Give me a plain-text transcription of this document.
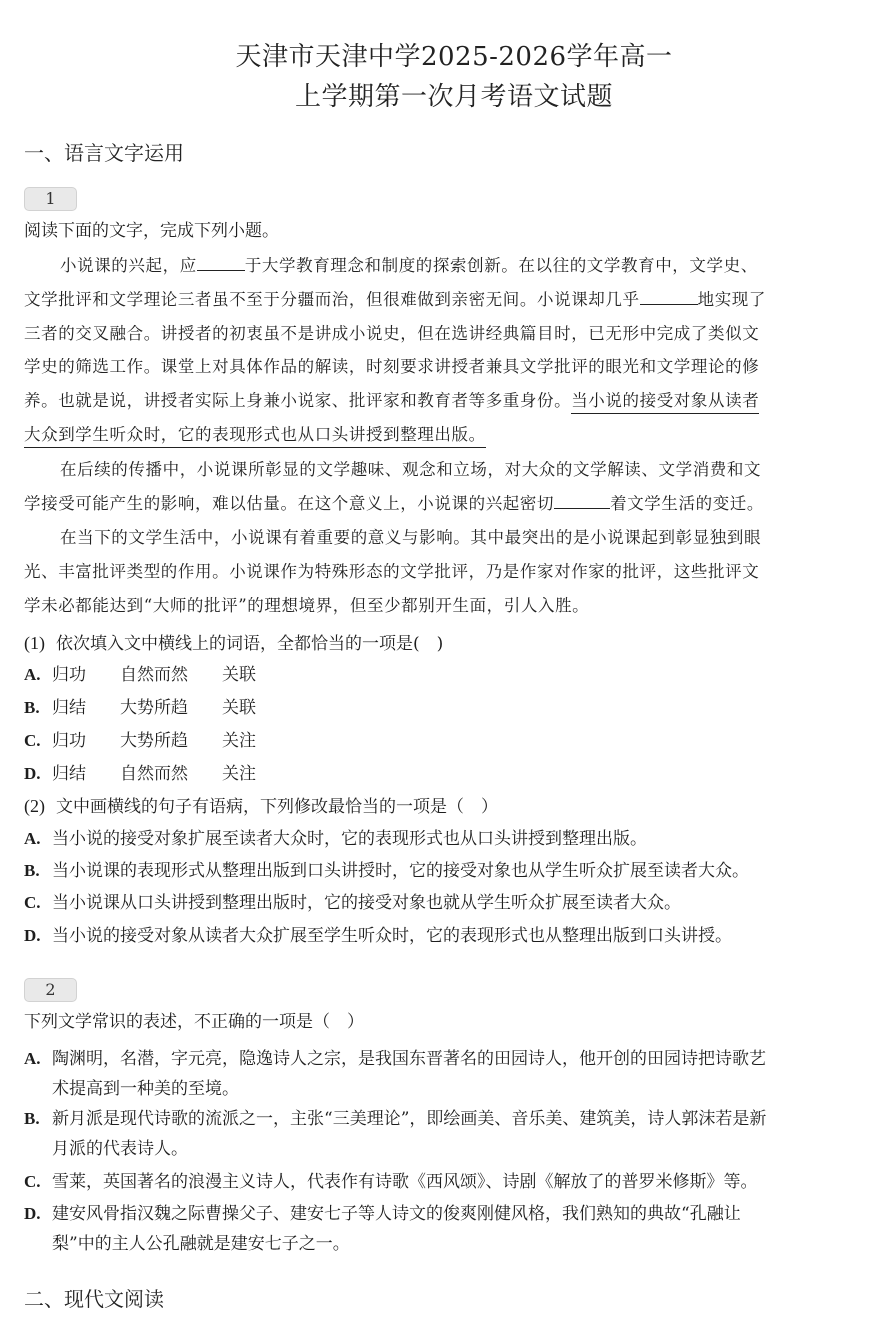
天津市天津中学2025-2026学年高一
上学期第一次月考语文试题
一、语言文字运用
1
阅读下面的文字，完成下列小题。
小说课的兴起，应	于大学教育理念和制度的探索创新。在以往的文学教育中，文学史、
文学批评和文学理论三者虽不至于分疆而治，但很难做到亲密无间。小说课却几乎	地实现了
三者的交叉融合。讲授者的初衷虽不是讲成小说史，但在选讲经典篇目时，已无形中完成了类似文
学史的筛选工作。课堂上对具体作品的解读，时刻要求讲授者兼具文学批评的眼光和文学理论的修
养。也就是说，讲授者实际上身兼小说家、批评家和教育者等多重身份。当小说的接受对象从读者
大众到学生听众时，它的表现形式也从口头讲授到整理出版。
在后续的传播中，小说课所彰显的文学趣味、观念和立场，对大众的文学解读、文学消费和文
学接受可能产生的影响，难以估量。在这个意义上，小说课的兴起密切	着文学生活的变迁。
在当下的文学生活中，小说课有着重要的意义与影响。其中最突出的是小说课起到彰显独到眼
光、丰富批评类型的作用。小说课作为特殊形态的文学批评，乃是作家对作家的批评，这些批评文
学未必都能达到“大师的批评”的理想境界，但至少都别开生面，引人入胜。
(1) 依次填入文中横线上的词语，全都恰当的一项是(　)
A. 归功 自然而然 关联
B. 归结 大势所趋 关联
C. 归功 大势所趋 关注
D. 归结 自然而然 关注
(2) 文中画横线的句子有语病，下列修改最恰当的一项是（　）
A. 当小说的接受对象扩展至读者大众时，它的表现形式也从口头讲授到整理出版。
B. 当小说课的表现形式从整理出版到口头讲授时，它的接受对象也从学生听众扩展至读者大众。
C. 当小说课从口头讲授到整理出版时，它的接受对象也就从学生听众扩展至读者大众。
D. 当小说的接受对象从读者大众扩展至学生听众时，它的表现形式也从整理出版到口头讲授。
2
下列文学常识的表述，不正确的一项是（　）
A. 陶渊明，名潜，字元亮，隐逸诗人之宗，是我国东晋著名的田园诗人，他开创的田园诗把诗歌艺
术提高到一种美的至境。
B. 新月派是现代诗歌的流派之一，主张“三美理论”，即绘画美、音乐美、建筑美，诗人郭沫若是新
月派的代表诗人。
C. 雪莱，英国著名的浪漫主义诗人，代表作有诗歌《西风颂》、诗剧《解放了的普罗米修斯》等。
D. 建安风骨指汉魏之际曹操父子、建安七子等人诗文的俊爽刚健风格，我们熟知的典故“孔融让
梨”中的主人公孔融就是建安七子之一。
二、现代文阅读
